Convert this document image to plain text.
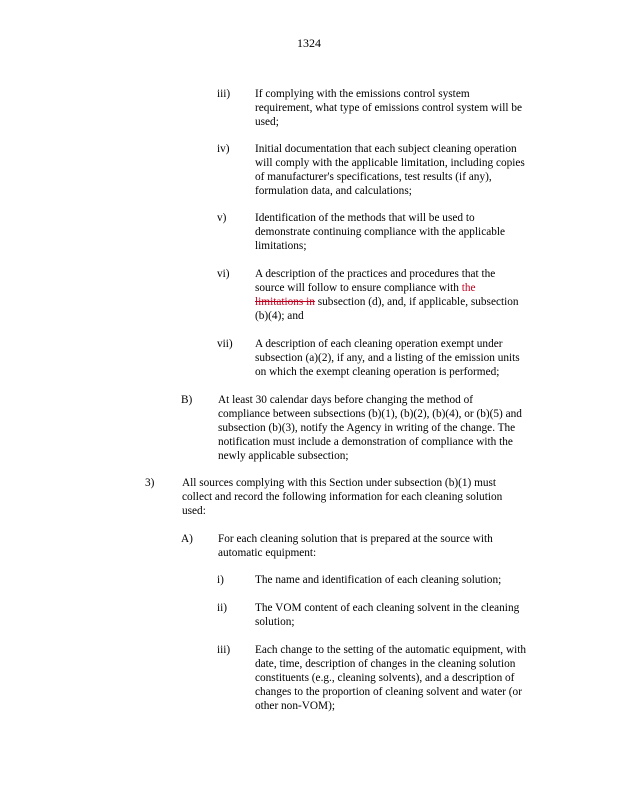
1324
iii) If complying with the emissions control system
requirement, what type of emissions control system will be
used;
iv) Initial documentation that each subject cleaning operation
will comply with the applicable limitation, including copies
of manufacturer's specifications, test results (if any),
formulation data, and calculations;
v)	Identification of the methods that will be used to
demonstrate continuing compliance with the applicable
limitations;
vi) A description of the practices and procedures that the
source will follow to ensure compliance with the
limitations in subsection (d), and, if applicable, subsection
(b)(4); and
vii) A description of each cleaning operation exempt under
subsection (a)(2), if any, and a listing of the emission units
on which the exempt cleaning operation is performed;
B) At least 30 calendar days before changing the method of
compliance between subsections (b)(1), (b)(2), (b)(4), or (b)(5) and
subsection (b)(3), notify the Agency in writing of the change. The
notification must include a demonstration of compliance with the
newly applicable subsection;
3) All sources complying with this Section under subsection (b)(1) must
collect and record the following information for each cleaning solution
used:
A) For each cleaning solution that is prepared at the source with
automatic equipment:
i)	The name and identification of each cleaning solution;
ii) The VOM content of each cleaning solvent in the cleaning
solution;
iii) Each change to the setting of the automatic equipment, with
date, time, description of changes in the cleaning solution
constituents (e.g., cleaning solvents), and a description of
changes to the proportion of cleaning solvent and water (or
other non-VOM);
